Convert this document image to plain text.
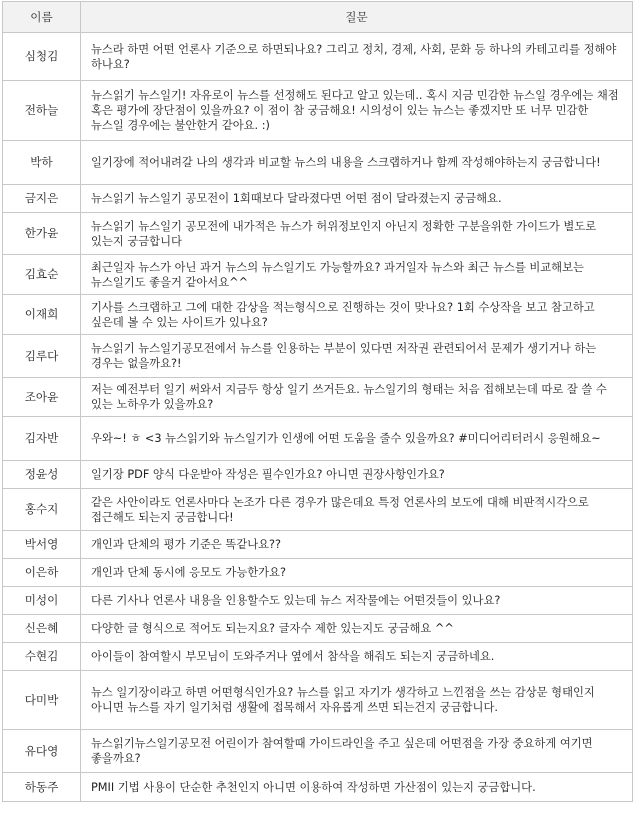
이름	질문
심청김	뉴스라 하면 어떤 언론사 기준으로 하면되나요? 그리고 정치, 경제, 사회, 문화 등 하나의 카테고리를 정해야 하나요?
전하늘	뉴스읽기 뉴스일기! 자유로이 뉴스를 선정해도 된다고 알고 있는데.. 혹시 지금 민감한 뉴스일 경우에는 채점 혹은 평가에 장단점이 있을까요? 이 점이 참 궁금해요! 시의성이 있는 뉴스는 좋겠지만 또 너무 민감한 뉴스일 경우에는 불안한거 같아요. :)
박하	일기장에 적어내려갈 나의 생각과 비교할 뉴스의 내용을 스크랩하거나 함께 작성해야하는지 궁금합니다!
금지은	뉴스읽기 뉴스일기 공모전이 1회때보다 달라졌다면 어떤 점이 달라졌는지 궁금해요.
한가윤	뉴스읽기 뉴스일기 공모전에 내가적은 뉴스가 허위정보인지 아닌지 정확한 구분을위한 가이드가 별도로 있는지 궁금합니다
김효순	최근일자 뉴스가 아닌 과거 뉴스의 뉴스일기도 가능할까요? 과거일자 뉴스와 최근 뉴스를 비교해보는 뉴스일기도 좋을거 같아서요^^
이재희	기사를 스크랩하고 그에 대한 감상을 적는형식으로 진행하는 것이 맞나요? 1회 수상작을 보고 참고하고 싶은데 볼 수 있는 사이트가 있나요?
김루다	뉴스읽기 뉴스일기공모전에서 뉴스를 인용하는 부분이 있다면 저작권 관련되어서 문제가 생기거나 하는 경우는 없을까요?!
조아윤	저는 예전부터 일기 써와서 지금두 항상 일기 쓰거든요. 뉴스일기의 형태는 처음 접해보는데 따로 잘 쓸 수 있는 노하우가 있을까요?
김자반	우와~! ㅎ <3 뉴스읽기와 뉴스일기가 인생에 어떤 도움을 줄수 있을까요? #미디어리터러시 응원해요~
정윤성	일기장 PDF 양식 다운받아 작성은 필수인가요? 아니면 권장사항인가요?
홍수지	같은 사안이라도 언론사마다 논조가 다른 경우가 많은데요 특정 언론사의 보도에 대해 비판적시각으로 접근해도 되는지 궁금합니다!
박서영	개인과 단체의 평가 기준은 똑같나요??
이은하	개인과 단체 동시에 응모도 가능한가요?
미성이	다른 기사나 언론사 내용을 인용할수도 있는데 뉴스 저작물에는 어떤것들이 있나요?
신은혜	다양한 글 형식으로 적어도 되는지요? 글자수 제한 있는지도 궁금해요 ^^
수현김	아이들이 참여할시 부모님이 도와주거나 옆에서 참삭을 해줘도 되는지 궁금하네요.
다미박	뉴스 일기장이라고 하면 어떤형식인가요? 뉴스를 읽고 자기가 생각하고 느낀점을 쓰는 감상문 형태인지 아니면 뉴스를 자기 일기처럼 생활에 접목해서 자유롭게 쓰면 되는건지 궁금합니다.
유다영	뉴스읽기뉴스일기공모전 어린이가 참여할때 가이드라인을 주고 싶은데 어떤점을 가장 중요하게 여기면 좋을까요?
하동주	PMII 기법 사용이 단순한 추천인지 아니면 이용하여 작성하면 가산점이 있는지 궁금합니다.
